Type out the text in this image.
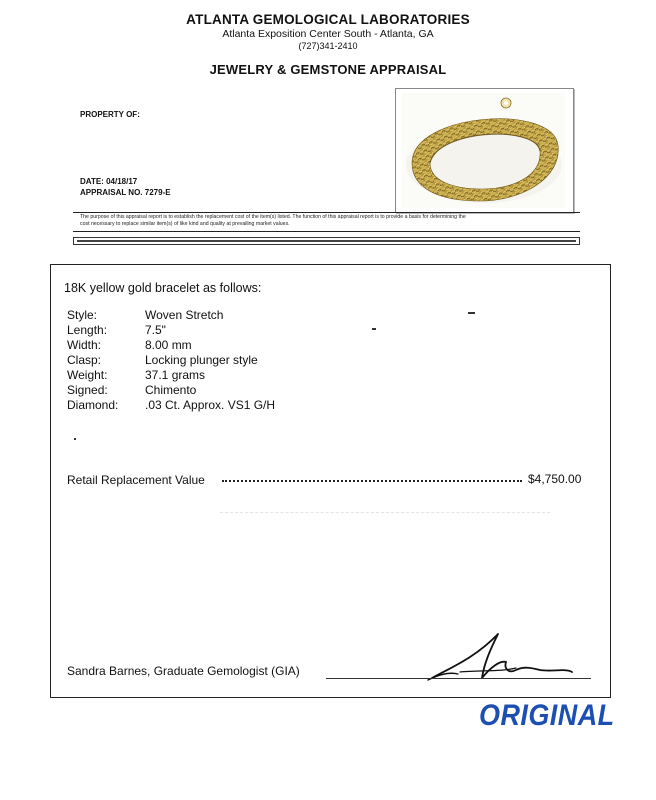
ATLANTA GEMOLOGICAL LABORATORIES
Atlanta Exposition Center South - Atlanta, GA
(727)341-2410
JEWELRY & GEMSTONE APPRAISAL
PROPERTY OF:
DATE: 04/18/17
APPRAISAL NO. 7279-E
The purpose of this appraisal report is to establish the replacement cost of the item(s) listed. The function of this appraisal report is to provide a basis for determining the
cost necessary to replace similar item(s) of like kind and quality at prevailing market values.
18K yellow gold bracelet as follows:
Style:	Woven Stretch
Length:	7.5"
Width:	8.00 mm
Clasp:	Locking plunger style
Weight:	37.1 grams
Signed:	Chimento
Diamond: .03 Ct. Approx. VS1 G/H
Retail Replacement Value	$4,750.00
Sandra Barnes, Graduate Gemologist (GIA)
ORIGINAL
